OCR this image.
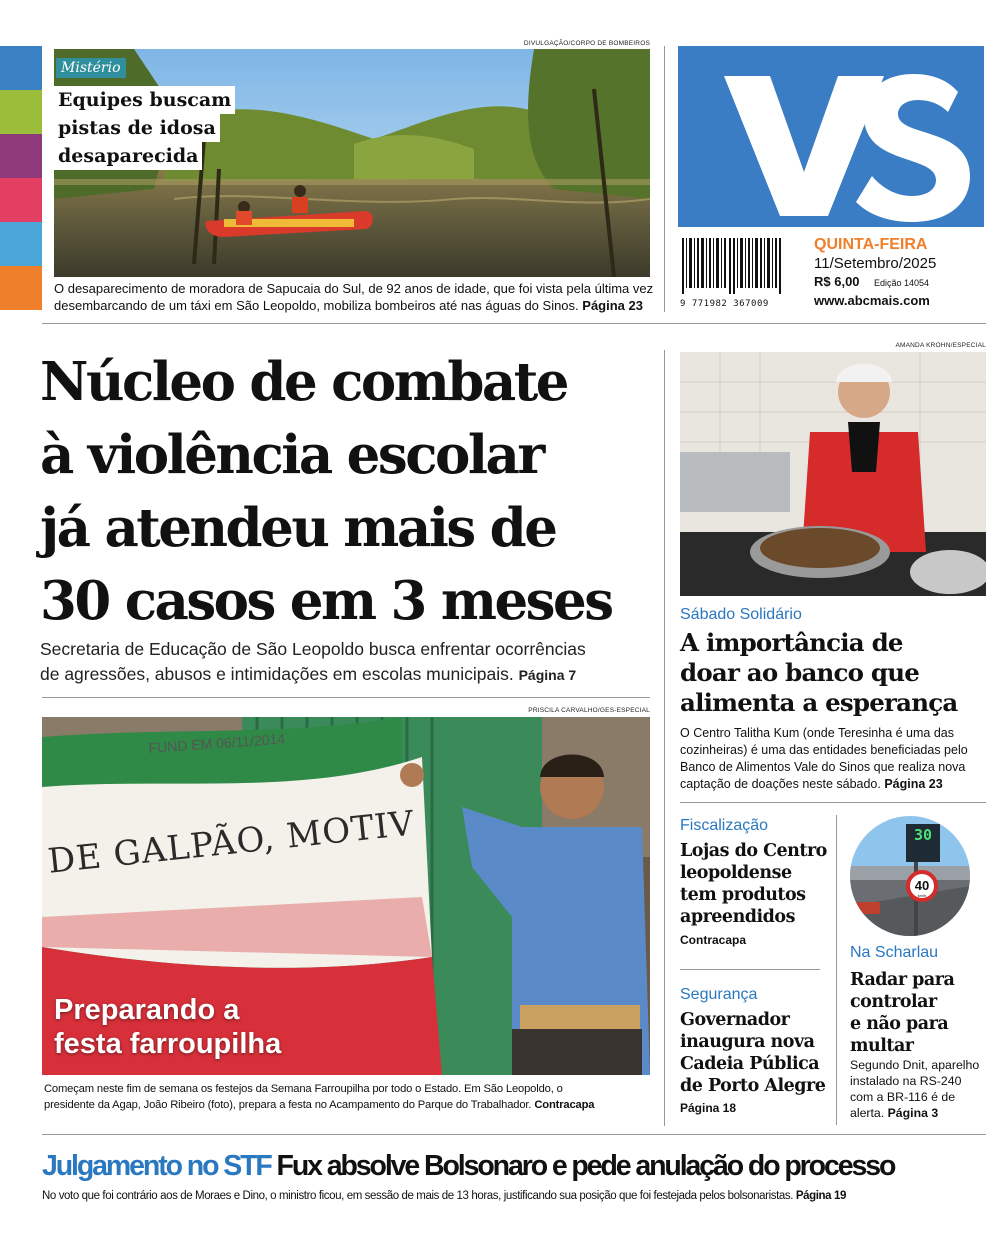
DIVULGAÇÃO/CORPO DE BOMBEIROS
Mistério
Equipes buscam pistas de idosa desaparecida
O desaparecimento de moradora de Sapucaia do Sul, de 92 anos de idade, que foi vista pela última vez
desembarcando de um táxi em São Leopoldo, mobiliza bombeiros até nas águas do Sinos. Página 23	9 771982 367009
QUINTA-FEIRA
11/Setembro/2025
R$ 6,00 Edição 14054
www.abcmais.com
Núcleo de combate
à violência escolar
já atendeu mais de
30 casos em 3 meses
Secretaria de Educação de São Leopoldo busca enfrentar ocorrências
de agressões, abusos e intimidações em escolas municipais. Página 7
PRISCILA CARVALHO/GES-ESPECIAL
FUND EM 06/11/2014
DE GALPÃO, MOTIV
Preparando a
festa farroupilha
Começam neste fim de semana os festejos da Semana Farroupilha por todo o Estado. Em São Leopoldo, o
presidente da Agap, João Ribeiro (foto), prepara a festa no Acampamento do Parque do Trabalhador. Contracapa
AMANDA KROHN/ESPECIAL
Sábado Solidário
A importância de
doar ao banco que
alimenta a esperança
O Centro Talitha Kum (onde Teresinha é uma das
cozinheiras) é uma das entidades beneficiadas pelo
Banco de Alimentos Vale do Sinos que realiza nova
captação de doações neste sábado. Página 23
Fiscalização
Lojas do Centro
leopoldense
tem produtos
apreendidos
Contracapa
Segurança
Governador
inaugura nova
Cadeia Pública
de Porto Alegre
Página 18
30
40
km/h
Na Scharlau
Radar para
controlar
e não para
multar
Segundo Dnit, aparelho
instalado na RS-240
com a BR-116 é de
alerta. Página 3
Julgamento no STF Fux absolve Bolsonaro e pede anulação do processo
No voto que foi contrário aos de Moraes e Dino, o ministro ficou, em sessão de mais de 13 horas, justificando sua posição que foi festejada pelos bolsonaristas. Página 19
